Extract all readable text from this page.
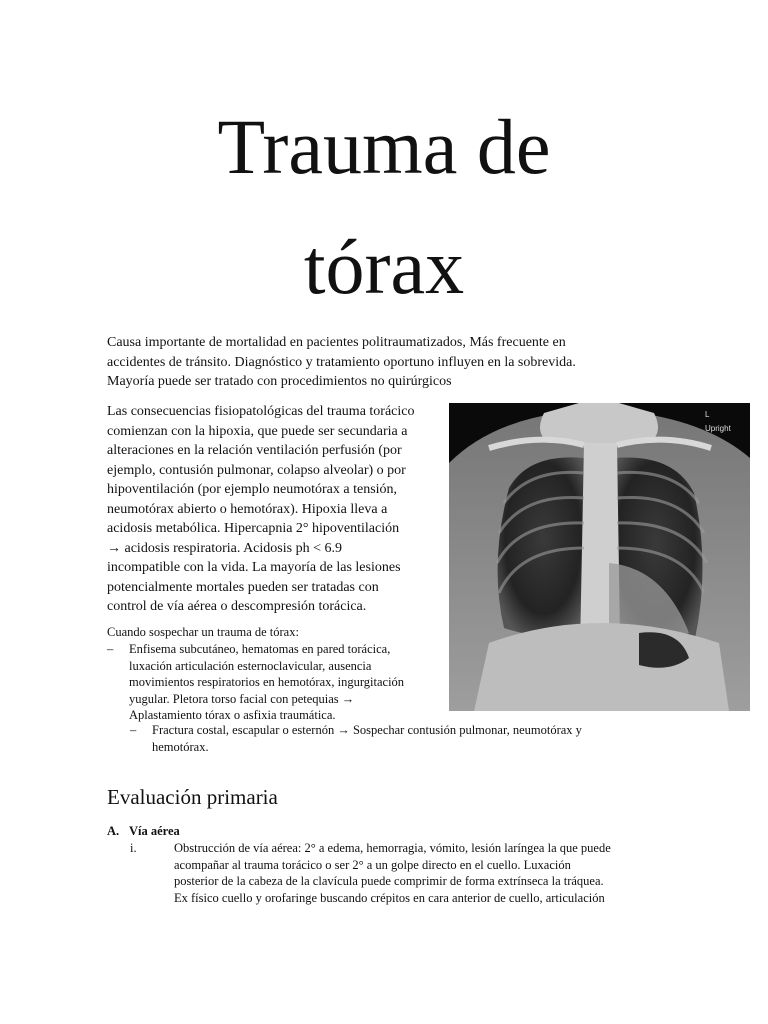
Trauma de
tórax

Causa importante de mortalidad en pacientes politraumatizados, Más frecuente en
accidentes de tránsito. Diagnóstico y tratamiento oportuno influyen en la sobrevida.
Mayoría puede ser tratado con procedimientos no quirúrgicos

Las consecuencias fisiopatológicas del trauma torácico
comienzan con la hipoxia, que puede ser secundaria a
alteraciones en la relación ventilación perfusión (por
ejemplo, contusión pulmonar, colapso alveolar) o por
hipoventilación (por ejemplo neumotórax a tensión,
neumotórax abierto o hemotórax). Hipoxia lleva a
acidosis metabólica. Hipercapnia 2° hipoventilación
→ acidosis respiratoria. Acidosis ph < 6.9
incompatible con la vida. La mayoría de las lesiones
potencialmente mortales pueden ser tratadas con
control de vía aérea o descompresión torácica.

L
Upright

Cuando sospechar un trauma de tórax:

– Enfisema subcutáneo, hematomas en pared torácica,
luxación articulación esternoclavicular, ausencia
movimientos respiratorios en hemotórax, ingurgitación
yugular. Pletora torso facial con petequias →
Aplastamiento tórax o asfixia traumática.
– Fractura costal, escapular o esternón → Sospechar contusión pulmonar, neumotórax y
hemotórax.
Evaluación primaria
A. Vía aérea
i.	Obstrucción de vía aérea: 2° a edema, hemorragia, vómito, lesión laríngea la que puede
acompañar al trauma torácico o ser 2° a un golpe directo en el cuello. Luxación
posterior de la cabeza de la clavícula puede comprimir de forma extrínseca la tráquea.
Ex físico cuello y orofaringe buscando crépitos en cara anterior de cuello, articulación
